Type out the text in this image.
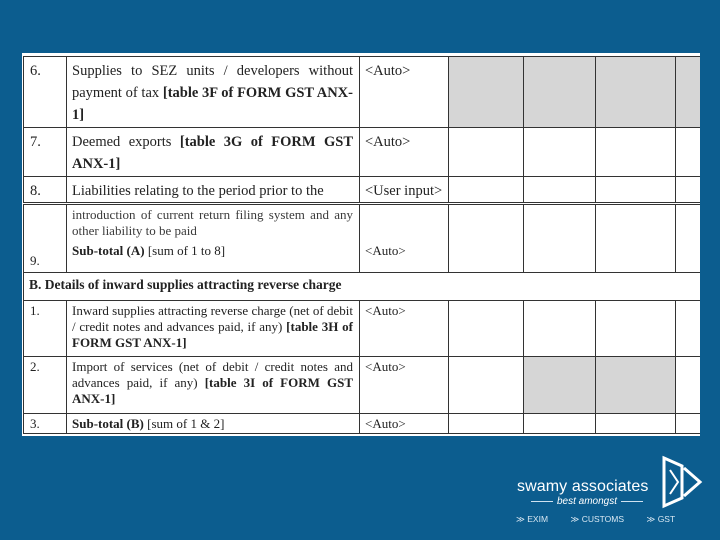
6.	Supplies to SEZ units / developers without payment of tax [table 3F of FORM GST ANX-1]	<Auto>				
7.	Deemed exports [table 3G of FORM GST ANX-1]	<Auto>				
8.	Liabilities relating to the period prior to the	<User input>				
9.	introduction of current return filing system and any other liability to be paid
Sub-total (A) [sum of 1 to 8]	<Auto>				
B. Details of inward supplies attracting reverse charge						
1.	Inward supplies attracting reverse charge (net of debit / credit notes and advances paid, if any) [table 3H of FORM GST ANX-1]	<Auto>				
2.	Import of services (net of debit / credit notes and advances paid, if any) [table 3I of FORM GST ANX-1]	<Auto>				
3.	Sub-total (B) [sum of 1 & 2]	<Auto>				
swamy associates
best amongst
≫ EXIM	≫ CUSTOMS	≫ GST
